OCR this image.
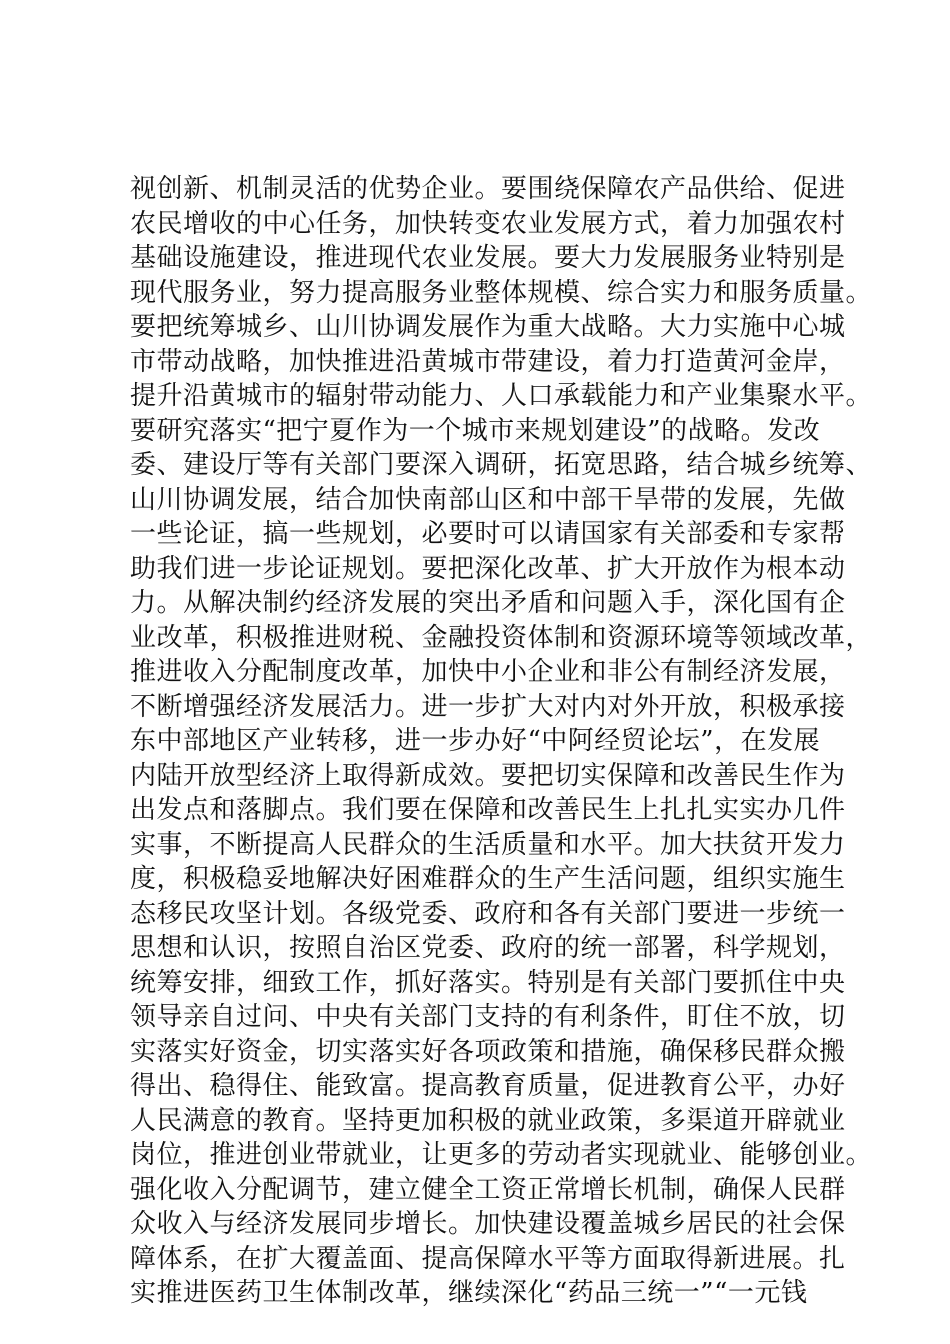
视创新、机制灵活的优势企业。要围绕保障农产品供给、促进
农民增收的中心任务，加快转变农业发展方式，着力加强农村
基础设施建设，推进现代农业发展。要大力发展服务业特别是
现代服务业，努力提高服务业整体规模、综合实力和服务质量。
要把统筹城乡、山川协调发展作为重大战略。大力实施中心城
市带动战略，加快推进沿黄城市带建设，着力打造黄河金岸，
提升沿黄城市的辐射带动能力、人口承载能力和产业集聚水平。
要研究落实“把宁夏作为一个城市来规划建设”的战略。发改
委、建设厅等有关部门要深入调研，拓宽思路，结合城乡统筹、
山川协调发展，结合加快南部山区和中部干旱带的发展，先做
一些论证，搞一些规划，必要时可以请国家有关部委和专家帮
助我们进一步论证规划。要把深化改革、扩大开放作为根本动
力。从解决制约经济发展的突出矛盾和问题入手，深化国有企
业改革，积极推进财税、金融投资体制和资源环境等领域改革，
推进收入分配制度改革，加快中小企业和非公有制经济发展，
不断增强经济发展活力。进一步扩大对内对外开放，积极承接
东中部地区产业转移，进一步办好“中阿经贸论坛”，在发展
内陆开放型经济上取得新成效。要把切实保障和改善民生作为
出发点和落脚点。我们要在保障和改善民生上扎扎实实办几件
实事，不断提高人民群众的生活质量和水平。加大扶贫开发力
度，积极稳妥地解决好困难群众的生产生活问题，组织实施生
态移民攻坚计划。各级党委、政府和各有关部门要进一步统一
思想和认识，按照自治区党委、政府的统一部署，科学规划，
统筹安排，细致工作，抓好落实。特别是有关部门要抓住中央
领导亲自过问、中央有关部门支持的有利条件，盯住不放，切
实落实好资金，切实落实好各项政策和措施，确保移民群众搬
得出、稳得住、能致富。提高教育质量，促进教育公平，办好
人民满意的教育。坚持更加积极的就业政策，多渠道开辟就业
岗位，推进创业带就业，让更多的劳动者实现就业、能够创业。
强化收入分配调节，建立健全工资正常增长机制，确保人民群
众收入与经济发展同步增长。加快建设覆盖城乡居民的社会保
障体系，在扩大覆盖面、提高保障水平等方面取得新进展。扎
实推进医药卫生体制改革，继续深化“药品三统一”“一元钱
